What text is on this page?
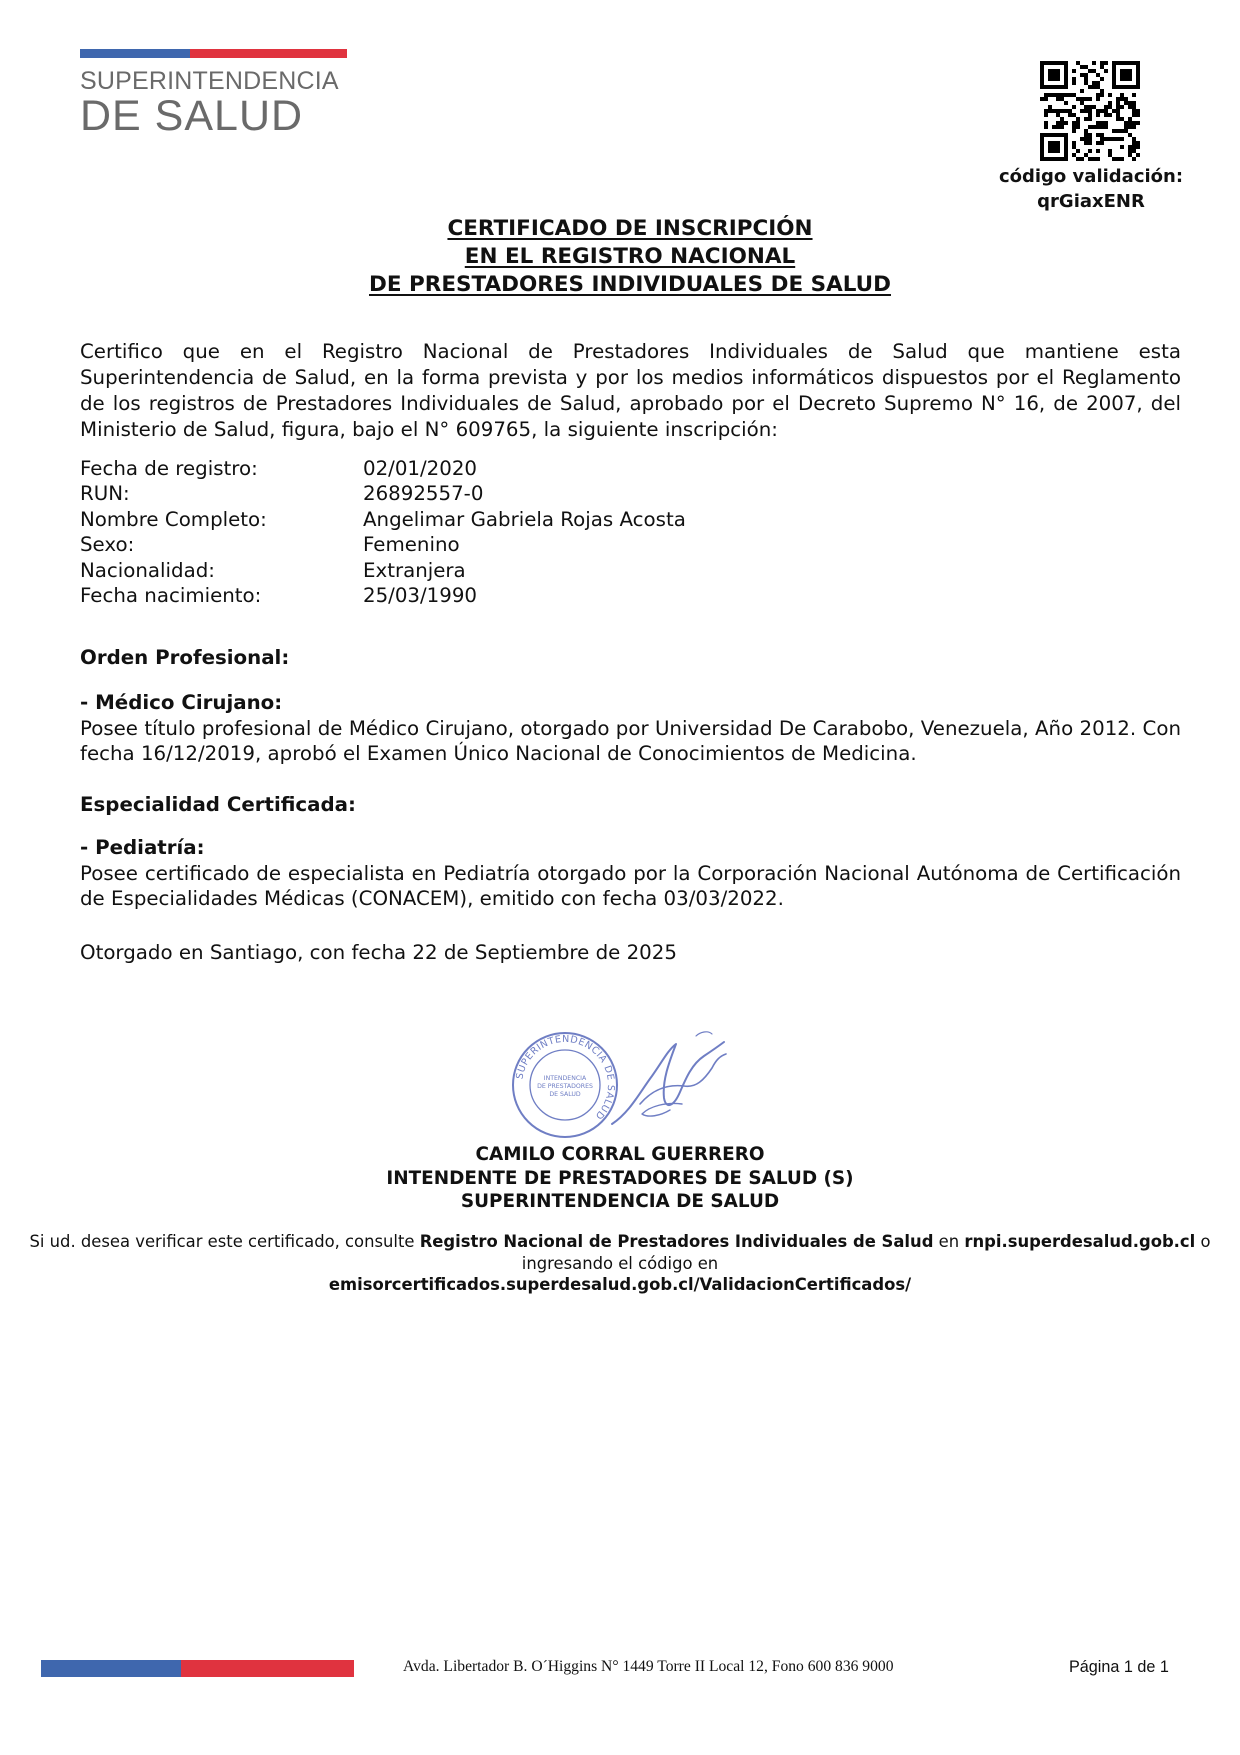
SUPERINTENDENCIA
DE SALUD
código validación:
qrGiaxENR
CERTIFICADO DE INSCRIPCIÓN
EN EL REGISTRO NACIONAL
DE PRESTADORES INDIVIDUALES DE SALUD

Certifico que en el Registro Nacional de Prestadores Individuales de Salud que mantiene esta Superintendencia de Salud, en la forma prevista y por los medios informáticos dispuestos por el Reglamento de los registros de Prestadores Individuales de Salud, aprobado por el Decreto Supremo N° 16, de 2007, del Ministerio de Salud, figura, bajo el N° 609765, la siguiente inscripción:

Fecha de registro:	02/01/2020
RUN:	26892557-0
Nombre Completo:	Angelimar Gabriela Rojas Acosta
Sexo:	Femenino
Nacionalidad:	Extranjera
Fecha nacimiento:	25/03/1990
Orden Profesional:
- Médico Cirujano:

Posee título profesional de Médico Cirujano, otorgado por Universidad De Carabobo, Venezuela, Año 2012. Con fecha 16/12/2019, aprobó el Examen Único Nacional de Conocimientos de Medicina.

Especialidad Certificada:
- Pediatría:

Posee certificado de especialista en Pediatría otorgado por la Corporación Nacional Autónoma de Certificación de Especialidades Médicas (CONACEM), emitido con fecha 03/03/2022.

Otorgado en Santiago, con fecha 22 de Septiembre de 2025
SUPERINTENDENCIA DE SALUD
INTENDENCIA
DE PRESTADORES
DE SALUD
CAMILO CORRAL GUERRERO
INTENDENTE DE PRESTADORES DE SALUD (S)
SUPERINTENDENCIA DE SALUD
Si ud. desea verificar este certificado, consulte Registro Nacional de Prestadores Individuales de Salud en rnpi.superdesalud.gob.cl o ingresando el código en
emisorcertificados.superdesalud.gob.cl/ValidacionCertificados/
Avda. Libertador B. O´Higgins N° 1449 Torre II Local 12, Fono 600 836 9000	Página 1 de 1
